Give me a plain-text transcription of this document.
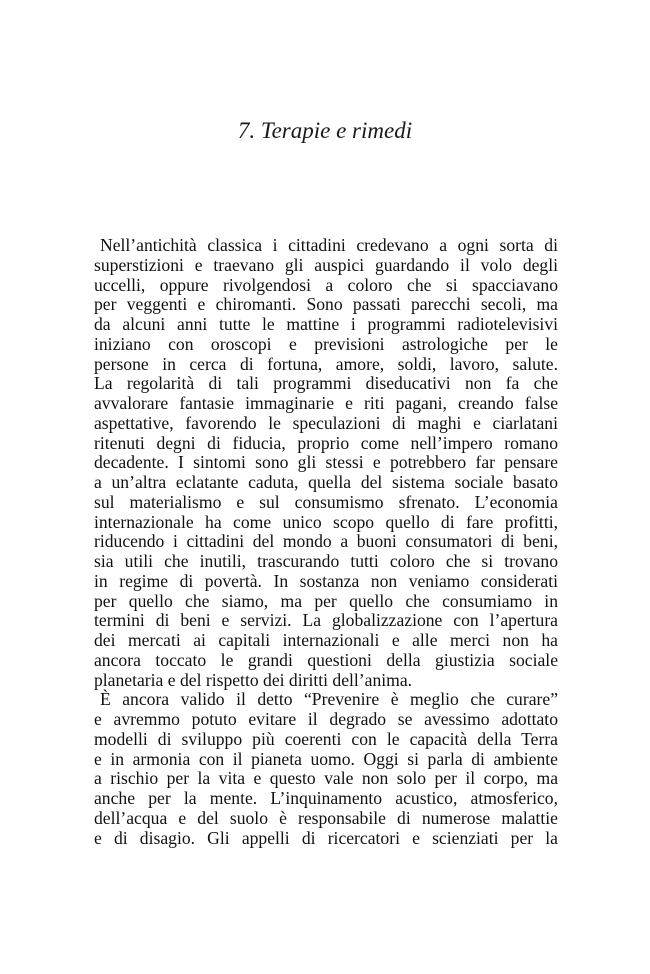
7. Terapie e rimedi
Nell’antichità classica i cittadini credevano a ogni sorta di
superstizioni e traevano gli auspici guardando il volo degli
uccelli, oppure rivolgendosi a coloro che si spacciavano
per veggenti e chiromanti. Sono passati parecchi secoli, ma
da alcuni anni tutte le mattine i programmi radiotelevisivi
iniziano con oroscopi e previsioni astrologiche per le
persone in cerca di fortuna, amore, soldi, lavoro, salute.
La regolarità di tali programmi diseducativi non fa che
avvalorare fantasie immaginarie e riti pagani, creando false
aspettative, favorendo le speculazioni di maghi e ciarlatani
ritenuti degni di fiducia, proprio come nell’impero romano
decadente. I sintomi sono gli stessi e potrebbero far pensare
a un’altra eclatante caduta, quella del sistema sociale basato
sul materialismo e sul consumismo sfrenato. L’economia
internazionale ha come unico scopo quello di fare profitti,
riducendo i cittadini del mondo a buoni consumatori di beni,
sia utili che inutili, trascurando tutti coloro che si trovano
in regime di povertà. In sostanza non veniamo considerati
per quello che siamo, ma per quello che consumiamo in
termini di beni e servizi. La globalizzazione con l’apertura
dei mercati ai capitali internazionali e alle merci non ha
ancora toccato le grandi questioni della giustizia sociale
planetaria e del rispetto dei diritti dell’anima.
È ancora valido il detto “Prevenire è meglio che curare”
e avremmo potuto evitare il degrado se avessimo adottato
modelli di sviluppo più coerenti con le capacità della Terra
e in armonia con il pianeta uomo. Oggi si parla di ambiente
a rischio per la vita e questo vale non solo per il corpo, ma
anche per la mente. L’inquinamento acustico, atmosferico,
dell’acqua e del suolo è responsabile di numerose malattie
e di disagio. Gli appelli di ricercatori e scienziati per la
